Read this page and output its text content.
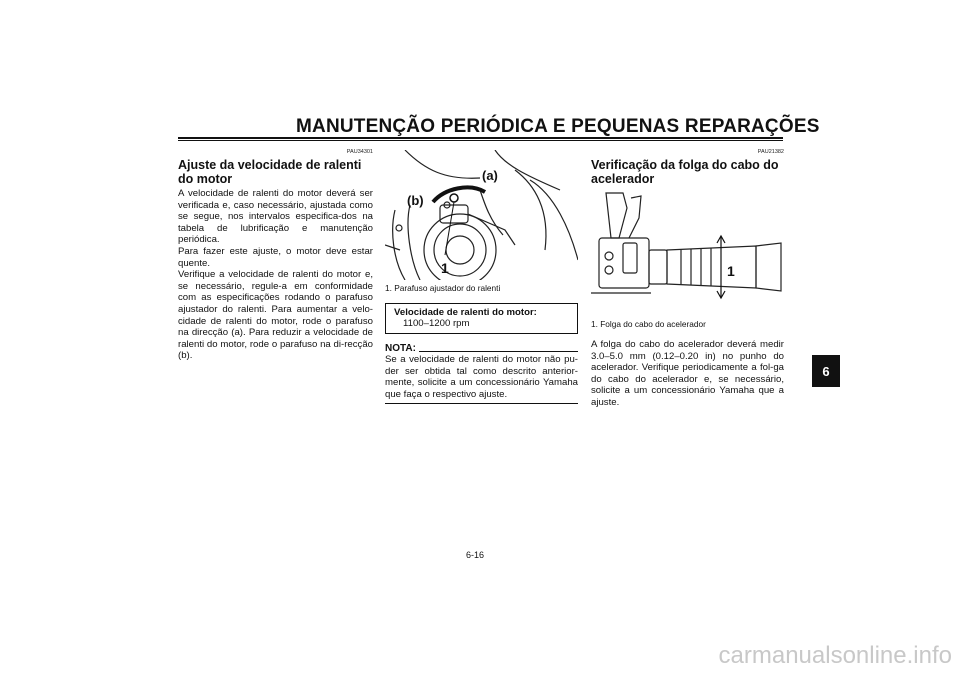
MANUTENÇÃO PERIÓDICA E PEQUENAS REPARAÇÕES
6
PAU34301
Ajuste da velocidade de ralenti do motor

A velocidade de ralenti do motor deverá ser verificada e, caso necessário, ajustada como se segue, nos intervalos especifica-dos na tabela de lubrificação e manutenção periódica.
Para fazer este ajuste, o motor deve estar quente.
Verifique a velocidade de ralenti do motor e, se necessário, regule-a em conformidade com as especificações rodando o parafuso ajustador do ralenti. Para aumentar a velo-cidade de ralenti do motor, rode o parafuso na direcção (a). Para reduzir a velocidade de ralenti do motor, rode o parafuso na di-recção (b).

(a)
(b)
1
1. Parafuso ajustador do ralenti
Velocidade de ralenti do motor:
1100–1200 rpm
NOTA:

Se a velocidade de ralenti do motor não pu-der ser obtida tal como descrito anterior-mente, solicite a um concessionário Yamaha que faça o respectivo ajuste.

PAU21382
Verificação da folga do cabo do acelerador
1
1. Folga do cabo do acelerador

A folga do cabo do acelerador deverá medir 3.0–5.0 mm (0.12–0.20 in) no punho do acelerador. Verifique periodicamente a fol-ga do cabo do acelerador e, se necessário, solicite a um concessionário Yamaha que a ajuste.

6-16
carmanualsonline.info
